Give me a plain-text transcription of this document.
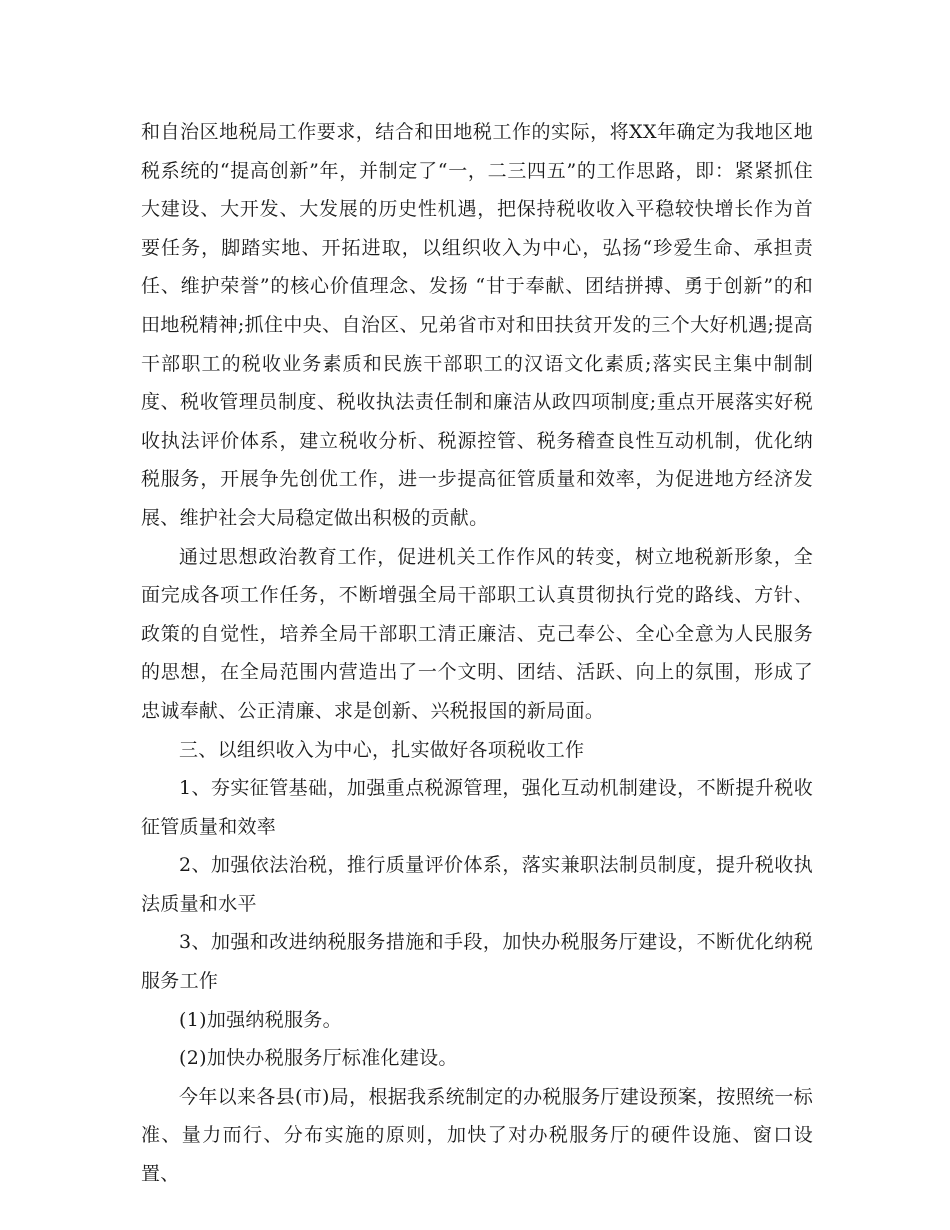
和自治区地税局工作要求，结合和田地税工作的实际，将XX年确定为我地区地税系统的“提高创新”年，并制定了“一，二三四五”的工作思路，即：紧紧抓住大建设、大开发、大发展的历史性机遇，把保持税收收入平稳较快增长作为首要任务，脚踏实地、开拓进取，以组织收入为中心，弘扬“珍爱生命、承担责任、维护荣誉”的核心价值理念、发扬 “甘于奉献、团结拼搏、勇于创新”的和田地税精神;抓住中央、自治区、兄弟省市对和田扶贫开发的三个大好机遇;提高干部职工的税收业务素质和民族干部职工的汉语文化素质;落实民主集中制制度、税收管理员制度、税收执法责任制和廉洁从政四项制度;重点开展落实好税收执法评价体系，建立税收分析、税源控管、税务稽查良性互动机制，优化纳税服务，开展争先创优工作，进一步提高征管质量和效率，为促进地方经济发展、维护社会大局稳定做出积极的贡献。

通过思想政治教育工作，促进机关工作作风的转变，树立地税新形象，全面完成各项工作任务，不断增强全局干部职工认真贯彻执行党的路线、方针、政策的自觉性，培养全局干部职工清正廉洁、克己奉公、全心全意为人民服务的思想，在全局范围内营造出了一个文明、团结、活跃、向上的氛围，形成了忠诚奉献、公正清廉、求是创新、兴税报国的新局面。

三、以组织收入为中心，扎实做好各项税收工作

1、夯实征管基础，加强重点税源管理，强化互动机制建设，不断提升税收征管质量和效率

2、加强依法治税，推行质量评价体系，落实兼职法制员制度，提升税收执法质量和水平

3、加强和改进纳税服务措施和手段，加快办税服务厅建设，不断优化纳税服务工作

(1)加强纳税服务。

(2)加快办税服务厅标准化建设。

今年以来各县(市)局，根据我系统制定的办税服务厅建设预案，按照统一标准、量力而行、分布实施的原则，加快了对办税服务厅的硬件设施、窗口设置、
